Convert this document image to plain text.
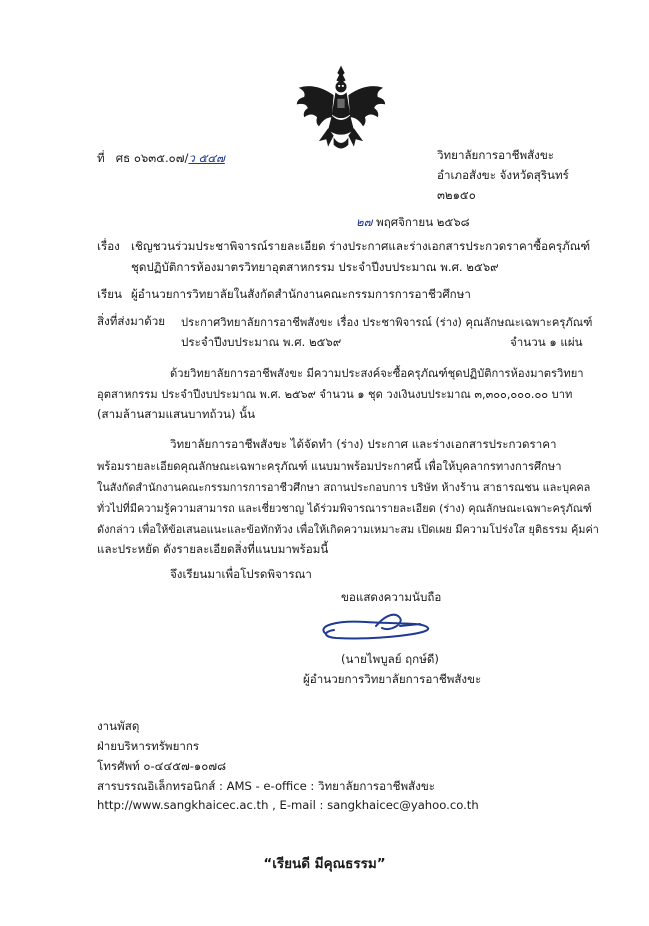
ที่ ศธ ๐๖๓๕.๐๗/ว ๕๔๗	วิทยาลัยการอาชีพสังขะ
อำเภอสังขะ จังหวัดสุรินทร์
๓๒๑๕๐
๒๗ พฤศจิกายน ๒๕๖๘
เรื่อง เชิญชวนร่วมประชาพิจารณ์รายละเอียด ร่างประกาศและร่างเอกสารประกวดราคาซื้อครุภัณฑ์
ชุดปฏิบัติการห้องมาตรวิทยาอุตสาหกรรม ประจำปีงบประมาณ พ.ศ. ๒๕๖๙
เรียน ผู้อำนวยการวิทยาลัยในสังกัดสำนักงานคณะกรรมการการอาชีวศึกษา
สิ่งที่ส่งมาด้วย ประกาศวิทยาลัยการอาชีพสังขะ เรื่อง ประชาพิจารณ์ (ร่าง) คุณลักษณะเฉพาะครุภัณฑ์
ประจำปีงบประมาณ พ.ศ. ๒๕๖๙	จำนวน ๑ แผ่น
ด้วยวิทยาลัยการอาชีพสังขะ มีความประสงค์จะซื้อครุภัณฑ์ชุดปฏิบัติการห้องมาตรวิทยา
อุตสาหกรรม ประจำปีงบประมาณ พ.ศ. ๒๕๖๙ จำนวน ๑ ชุด วงเงินงบประมาณ ๓,๓๐๐,๐๐๐.๐๐ บาท
(สามล้านสามแสนบาทถ้วน) นั้น
วิทยาลัยการอาชีพสังขะ ได้จัดทำ (ร่าง) ประกาศ และร่างเอกสารประกวดราคา
พร้อมรายละเอียดคุณลักษณะเฉพาะครุภัณฑ์ แนบมาพร้อมประกาศนี้ เพื่อให้บุคลากรทางการศึกษา
ในสังกัดสำนักงานคณะกรรมการการอาชีวศึกษา สถานประกอบการ บริษัท ห้างร้าน สาธารณชน และบุคคล
ทั่วไปที่มีความรู้ความสามารถ และเชี่ยวชาญ ได้ร่วมพิจารณารายละเอียด (ร่าง) คุณลักษณะเฉพาะครุภัณฑ์
ดังกล่าว เพื่อให้ข้อเสนอแนะและข้อทักท้วง เพื่อให้เกิดความเหมาะสม เปิดเผย มีความโปร่งใส ยุติธรรม คุ้มค่า
และประหยัด ดังรายละเอียดสิ่งที่แนบมาพร้อมนี้
จึงเรียนมาเพื่อโปรดพิจารณา
ขอแสดงความนับถือ
(นายไพบูลย์ ฤกษ์ดี)
ผู้อำนวยการวิทยาลัยการอาชีพสังขะ
งานพัสดุ
ฝ่ายบริหารทรัพยากร
โทรศัพท์ ๐-๔๔๕๗-๑๐๗๘
สารบรรณอิเล็กทรอนิกส์ : AMS - e-office : วิทยาลัยการอาชีพสังขะ
http://www.sangkhaicec.ac.th , E-mail : sangkhaicec@yahoo.co.th
“เรียนดี มีคุณธรรม”
